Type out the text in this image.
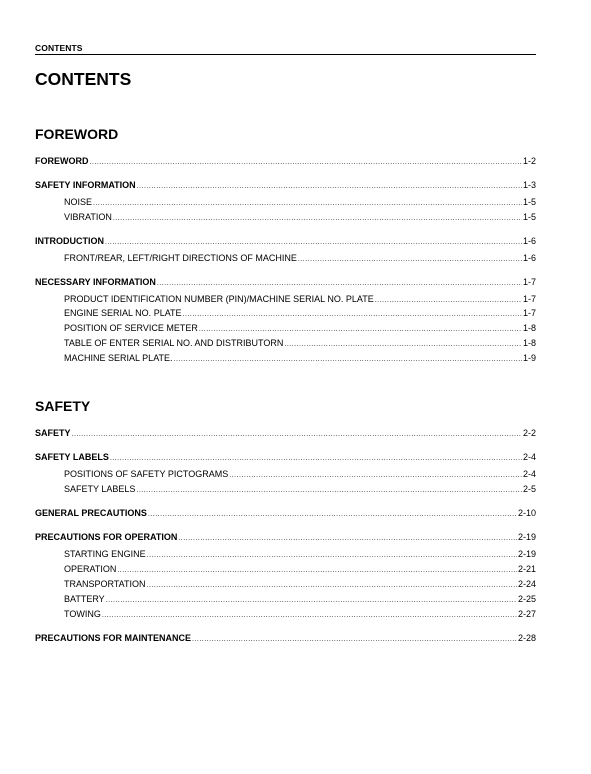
CONTENTS
CONTENTS
FOREWORD
FOREWORD .....	1-2
SAFETY INFORMATION .....	1-3
NOISE .....	1-5
VIBRATION .....	1-5
INTRODUCTION .....	1-6
FRONT/REAR, LEFT/RIGHT DIRECTIONS OF MACHINE .....	1-6
NECESSARY INFORMATION .....	1-7
PRODUCT IDENTIFICATION NUMBER (PIN)/MACHINE SERIAL NO. PLATE .....	1-7
ENGINE SERIAL NO. PLATE .....	1-7
POSITION OF SERVICE METER .....	1-8
TABLE OF ENTER SERIAL NO. AND DISTRIBUTORN .....	1-8
MACHINE SERIAL PLATE. .....	1-9
SAFETY
SAFETY .....	2-2
SAFETY LABELS .....	2-4
POSITIONS OF SAFETY PICTOGRAMS .....	2-4
SAFETY LABELS .....	2-5
GENERAL PRECAUTIONS .....	2-10
PRECAUTIONS FOR OPERATION .....	2-19
STARTING ENGINE .....	2-19
OPERATION .....	2-21
TRANSPORTATION .....	2-24
BATTERY .....	2-25
TOWING .....	2-27
PRECAUTIONS FOR MAINTENANCE .....	2-28
